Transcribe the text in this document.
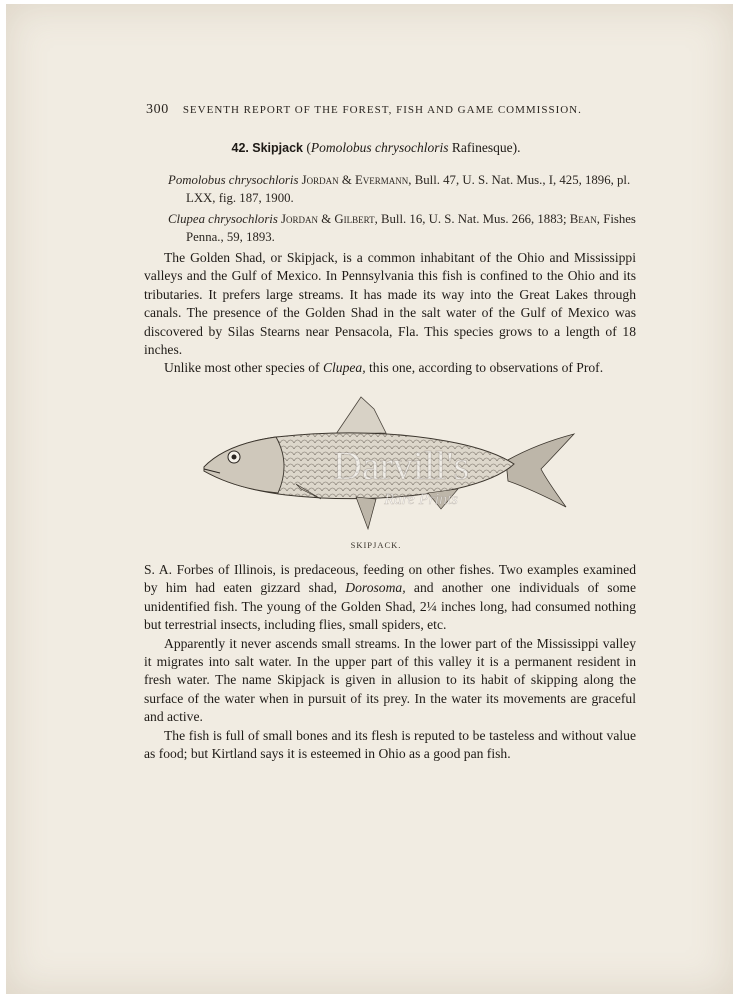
300 SEVENTH REPORT OF THE FOREST, FISH AND GAME COMMISSION.
42. Skipjack (Pomolobus chrysochloris Rafinesque).

Pomolobus chrysochloris Jordan & Evermann, Bull. 47, U. S. Nat. Mus., I, 425, 1896, pl. LXX, fig. 187, 1900.

Clupea chrysochloris Jordan & Gilbert, Bull. 16, U. S. Nat. Mus. 266, 1883; Bean, Fishes Penna., 59, 1893.

The Golden Shad, or Skipjack, is a common inhabitant of the Ohio and Mississippi valleys and the Gulf of Mexico. In Pennsylvania this fish is confined to the Ohio and its tributaries. It prefers large streams. It has made its way into the Great Lakes through canals. The presence of the Golden Shad in the salt water of the Gulf of Mexico was discovered by Silas Stearns near Pensacola, Fla. This species grows to a length of 18 inches.

Unlike most other species of Clupea, this one, according to observations of Prof.

Darvill's
Rare Prints
SKIPJACK.

S. A. Forbes of Illinois, is predaceous, feeding on other fishes. Two examples examined by him had eaten gizzard shad, Dorosoma, and another one individuals of some unidentified fish. The young of the Golden Shad, 2¼ inches long, had consumed nothing but terrestrial insects, including flies, small spiders, etc.

Apparently it never ascends small streams. In the lower part of the Mississippi valley it migrates into salt water. In the upper part of this valley it is a permanent resident in fresh water. The name Skipjack is given in allusion to its habit of skipping along the surface of the water when in pursuit of its prey. In the water its movements are graceful and active.

The fish is full of small bones and its flesh is reputed to be tasteless and without value as food; but Kirtland says it is esteemed in Ohio as a good pan fish.
